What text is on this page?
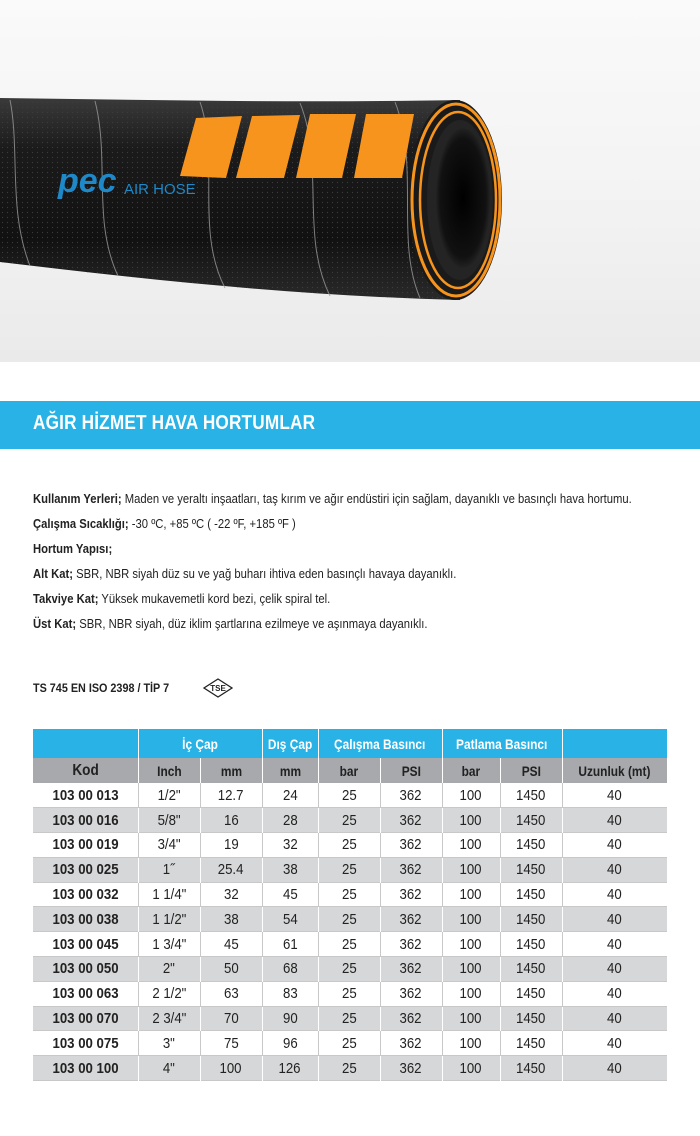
pec AIR HOSE
AĞIR HİZMET HAVA HORTUMLAR

Kullanım Yerleri; Maden ve yeraltı inşaatları, taş kırım ve ağır endüstiri için sağlam, dayanıklı ve basınçlı hava hortumu.

Çalışma Sıcaklığı; -30 ºC, +85 ºC ( -22 ºF, +185 ºF )

Hortum Yapısı;

Alt Kat; SBR, NBR siyah düz su ve yağ buharı ihtiva eden basınçlı havaya dayanıklı.

Takviye Kat; Yüksek mukavemetli kord bezi, çelik spiral tel.

Üst Kat; SBR, NBR siyah, düz iklim şartlarına ezilmeye ve aşınmaya dayanıklı.

TS 745 EN ISO 2398 / TİP 7	TSE
	İç Çap		Dış Çap	Çalışma Basıncı		Patlama Basıncı		
Kod	Inch	mm	mm	bar	PSI	bar	PSI	Uzunluk (mt)
103 00 013	1/2"	12.7	24	25	362	100	1450	40
103 00 016	5/8"	16	28	25	362	100	1450	40
103 00 019	3/4"	19	32	25	362	100	1450	40
103 00 025	1˝	25.4	38	25	362	100	1450	40
103 00 032	1 1/4"	32	45	25	362	100	1450	40
103 00 038	1 1/2"	38	54	25	362	100	1450	40
103 00 045	1 3/4"	45	61	25	362	100	1450	40
103 00 050	2"	50	68	25	362	100	1450	40
103 00 063	2 1/2"	63	83	25	362	100	1450	40
103 00 070	2 3/4"	70	90	25	362	100	1450	40
103 00 075	3"	75	96	25	362	100	1450	40
103 00 100	4"	100	126	25	362	100	1450	40
